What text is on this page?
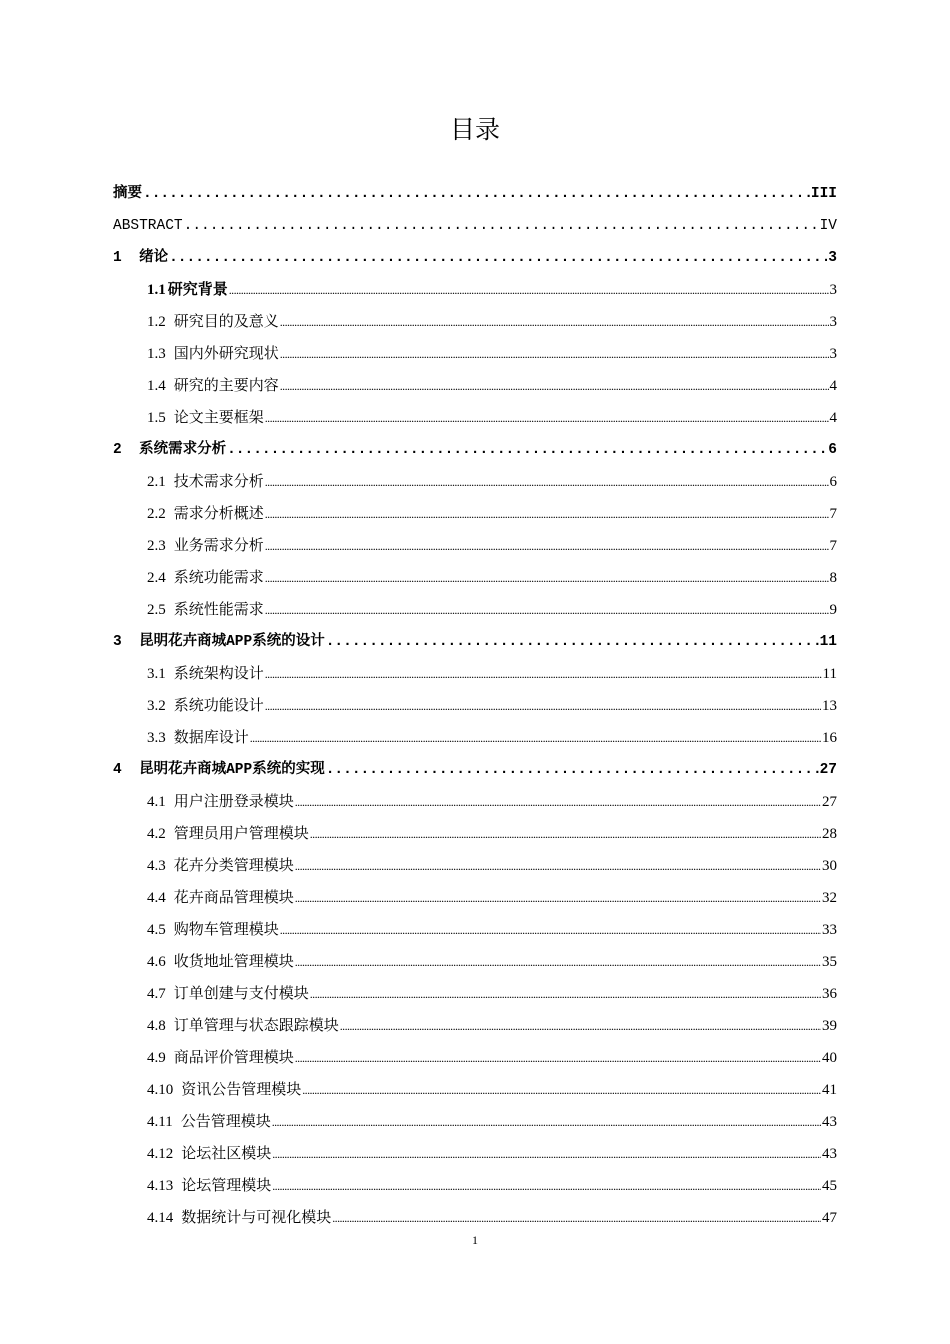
目录
摘要 .....	III
ABSTRACT .....	IV
1 绪论 .....	3
1.1 研究背景 .....	3
1.2 研究目的及意义 .....	3
1.3 国内外研究现状 .....	3
1.4 研究的主要内容 .....	4
1.5 论文主要框架 .....	4
2 系统需求分析 .....	6
2.1 技术需求分析 .....	6
2.2 需求分析概述 .....	7
2.3 业务需求分析 .....	7
2.4 系统功能需求 .....	8
2.5 系统性能需求 .....	9
3 昆明花卉商城APP系统的设计 .....	11
3.1 系统架构设计 .....	11
3.2 系统功能设计 .....	13
3.3 数据库设计 .....	16
4 昆明花卉商城APP系统的实现 .....	27
4.1 用户注册登录模块 .....	27
4.2 管理员用户管理模块 .....	28
4.3 花卉分类管理模块 .....	30
4.4 花卉商品管理模块 .....	32
4.5 购物车管理模块 .....	33
4.6 收货地址管理模块 .....	35
4.7 订单创建与支付模块 .....	36
4.8 订单管理与状态跟踪模块 .....	39
4.9 商品评价管理模块 .....	40
4.10 资讯公告管理模块 .....	41
4.11 公告管理模块 .....	43
4.12 论坛社区模块 .....	43
4.13 论坛管理模块 .....	45
4.14 数据统计与可视化模块 .....	47
1
